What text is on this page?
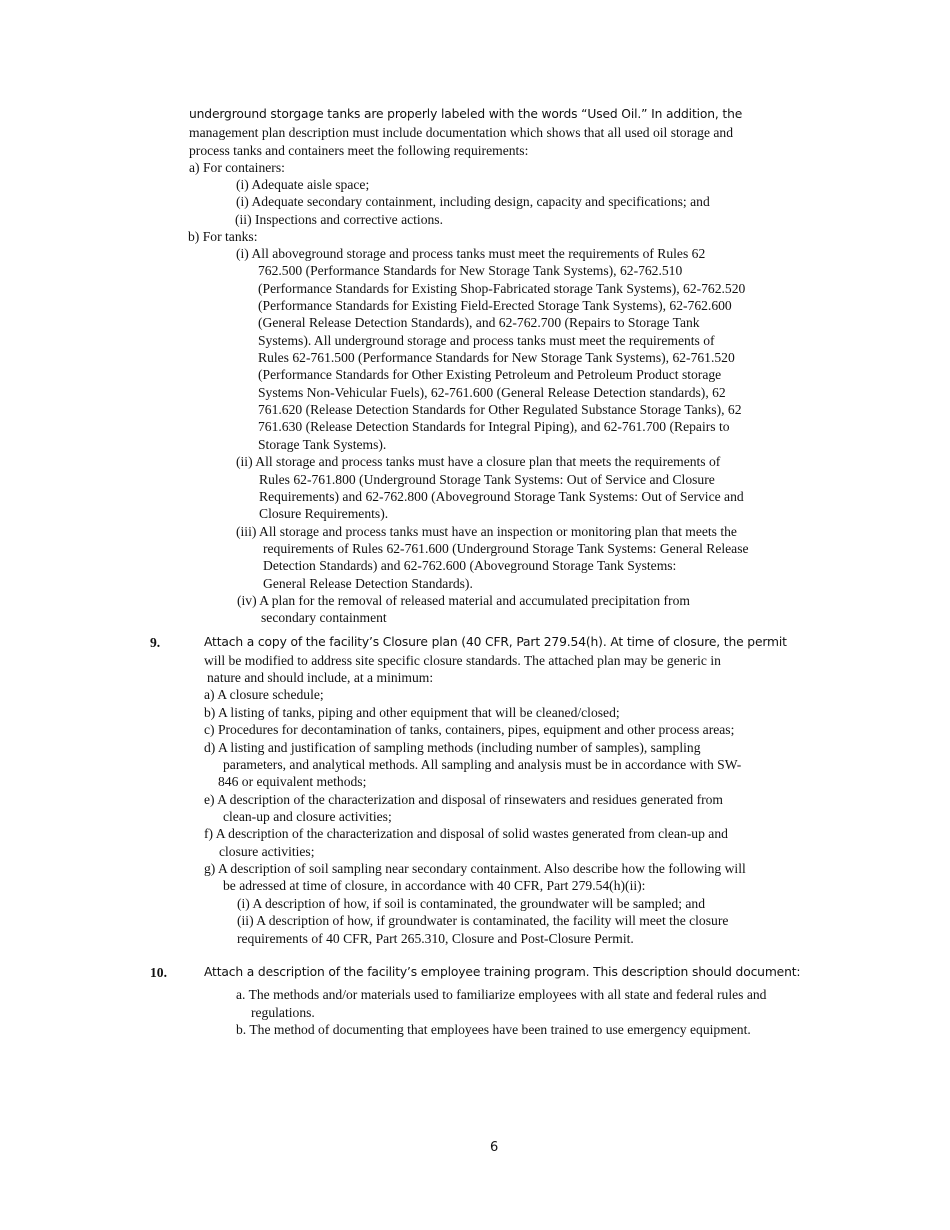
underground storgage tanks are properly labeled with the words “Used Oil.” In addition, the
management plan description must include documentation which shows that all used oil storage and
process tanks and containers meet the following requirements:
a) For containers:
(i) Adequate aisle space;
(i) Adequate secondary containment, including design, capacity and specifications; and
(ii) Inspections and corrective actions.
b) For tanks:
(i) All aboveground storage and process tanks must meet the requirements of Rules 62
762.500 (Performance Standards for New Storage Tank Systems), 62-762.510
(Performance Standards for Existing Shop-Fabricated storage Tank Systems), 62-762.520
(Performance Standards for Existing Field-Erected Storage Tank Systems), 62-762.600
(General Release Detection Standards), and 62-762.700 (Repairs to Storage Tank
Systems). All underground storage and process tanks must meet the requirements of
Rules 62-761.500 (Performance Standards for New Storage Tank Systems), 62-761.520
(Performance Standards for Other Existing Petroleum and Petroleum Product storage
Systems Non-Vehicular Fuels), 62-761.600 (General Release Detection standards), 62
761.620 (Release Detection Standards for Other Regulated Substance Storage Tanks), 62
761.630 (Release Detection Standards for Integral Piping), and 62-761.700 (Repairs to
Storage Tank Systems).
(ii) All storage and process tanks must have a closure plan that meets the requirements of
Rules 62-761.800 (Underground Storage Tank Systems: Out of Service and Closure
Requirements) and 62-762.800 (Aboveground Storage Tank Systems: Out of Service and
Closure Requirements).
(iii) All storage and process tanks must have an inspection or monitoring plan that meets the
requirements of Rules 62-761.600 (Underground Storage Tank Systems: General Release
Detection Standards) and 62-762.600 (Aboveground Storage Tank Systems:
General Release Detection Standards).
(iv) A plan for the removal of released material and accumulated precipitation from
secondary containment
9.	Attach a copy of the facility’s Closure plan (40 CFR, Part 279.54(h). At time of closure, the permit
will be modified to address site specific closure standards. The attached plan may be generic in
nature and should include, at a minimum:
a) A closure schedule;
b) A listing of tanks, piping and other equipment that will be cleaned/closed;
c) Procedures for decontamination of tanks, containers, pipes, equipment and other process areas;
d) A listing and justification of sampling methods (including number of samples), sampling
parameters, and analytical methods. All sampling and analysis must be in accordance with SW-
846 or equivalent methods;
e) A description of the characterization and disposal of rinsewaters and residues generated from
clean-up and closure activities;
f) A description of the characterization and disposal of solid wastes generated from clean-up and
closure activities;
g) A description of soil sampling near secondary containment. Also describe how the following will
be adressed at time of closure, in accordance with 40 CFR, Part 279.54(h)(ii):
(i) A description of how, if soil is contaminated, the groundwater will be sampled; and
(ii) A description of how, if groundwater is contaminated, the facility will meet the closure
requirements of 40 CFR, Part 265.310, Closure and Post-Closure Permit.
10.	Attach a description of the facility’s employee training program. This description should document:
a. The methods and/or materials used to familiarize employees with all state and federal rules and
regulations.
b. The method of documenting that employees have been trained to use emergency equipment.
6
